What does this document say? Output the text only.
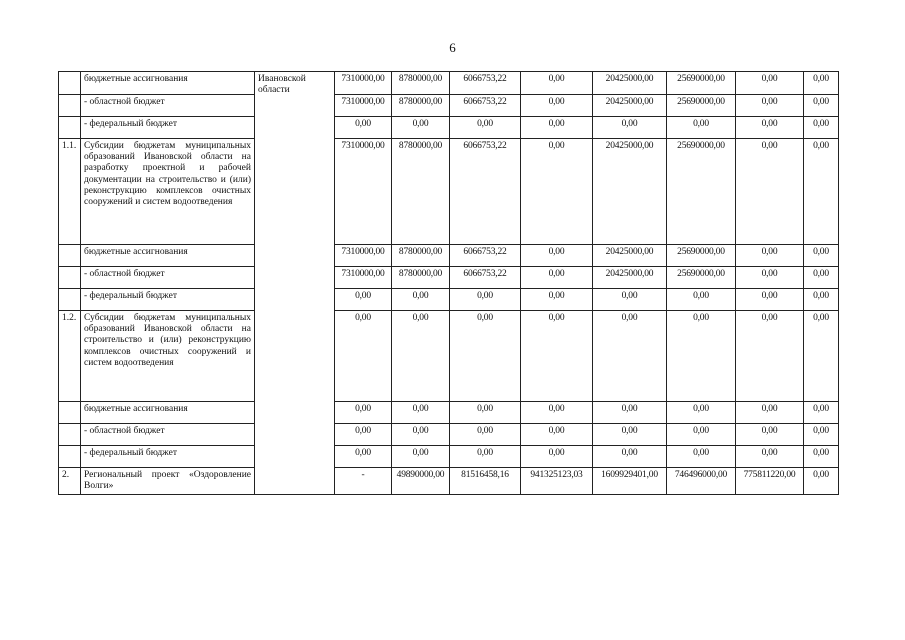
6
	бюджетные ассигнования	Ивановской области	7310000,00	8780000,00	6066753,22	0,00	20425000,00	25690000,00	0,00	0,00
	- областной бюджет		7310000,00	8780000,00	6066753,22	0,00	20425000,00	25690000,00	0,00	0,00
	- федеральный бюджет		0,00	0,00	0,00	0,00	0,00	0,00	0,00	0,00
1.1.	Субсидии бюджетам муниципальных образований Ивановской области на разработку проектной и рабочей документации на строительство и (или) реконструкцию комплексов очистных сооружений и систем водоотведения		7310000,00	8780000,00	6066753,22	0,00	20425000,00	25690000,00	0,00	0,00
	бюджетные ассигнования		7310000,00	8780000,00	6066753,22	0,00	20425000,00	25690000,00	0,00	0,00
	- областной бюджет		7310000,00	8780000,00	6066753,22	0,00	20425000,00	25690000,00	0,00	0,00
	- федеральный бюджет		0,00	0,00	0,00	0,00	0,00	0,00	0,00	0,00
1.2.	Субсидии бюджетам муниципальных образований Ивановской области на строительство и (или) реконструкцию комплексов очистных сооружений и систем водоотведения		0,00	0,00	0,00	0,00	0,00	0,00	0,00	0,00
	бюджетные ассигнования		0,00	0,00	0,00	0,00	0,00	0,00	0,00	0,00
	- областной бюджет		0,00	0,00	0,00	0,00	0,00	0,00	0,00	0,00
	- федеральный бюджет		0,00	0,00	0,00	0,00	0,00	0,00	0,00	0,00
2.	Региональный проект «Оздоровление Волги»		-	49890000,00	81516458,16	941325123,03	1609929401,00	746496000,00	775811220,00	0,00
